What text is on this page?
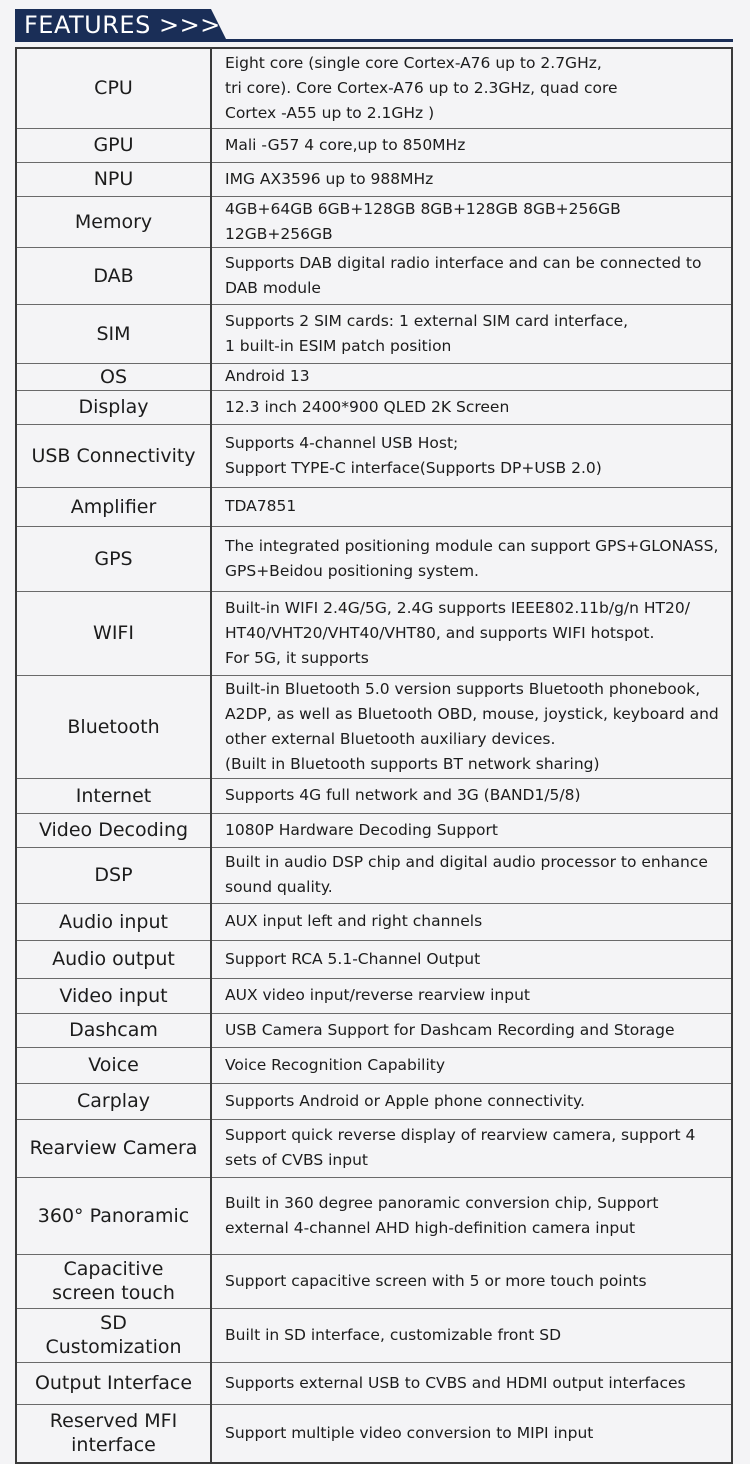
FEATURES >>>
CPU	Eight core (single core Cortex-A76 up to 2.7GHz,
tri core). Core Cortex-A76 up to 2.3GHz, quad core
Cortex -A55 up to 2.1GHz )
GPU	Mali -G57 4 core,up to 850MHz
NPU	IMG AX3596 up to 988MHz
Memory	4GB+64GB 6GB+128GB 8GB+128GB 8GB+256GB 12GB+256GB
DAB	Supports DAB digital radio interface and can be connected to
DAB module
SIM	Supports 2 SIM cards: 1 external SIM card interface,
1 built-in ESIM patch position
OS	Android 13
Display	12.3 inch 2400*900 QLED 2K Screen
USB Connectivity	Supports 4-channel USB Host;
Support TYPE-C interface(Supports DP+USB 2.0)
Amplifier	TDA7851
GPS	The integrated positioning module can support GPS+GLONASS,
GPS+Beidou positioning system.
WIFI	Built-in WIFI 2.4G/5G, 2.4G supports IEEE802.11b/g/n HT20/
HT40/VHT20/VHT40/VHT80, and supports WIFI hotspot.
For 5G, it supports
Bluetooth	Built-in Bluetooth 5.0 version supports Bluetooth phonebook,
A2DP, as well as Bluetooth OBD, mouse, joystick, keyboard and
other external Bluetooth auxiliary devices.
(Built in Bluetooth supports BT network sharing)
Internet	Supports 4G full network and 3G (BAND1/5/8)
Video Decoding	1080P Hardware Decoding Support
DSP	Built in audio DSP chip and digital audio processor to enhance
sound quality.
Audio input	AUX input left and right channels
Audio output	Support RCA 5.1-Channel Output
Video input	AUX video input/reverse rearview input
Dashcam	USB Camera Support for Dashcam Recording and Storage
Voice	Voice Recognition Capability
Carplay	Supports Android or Apple phone connectivity.
Rearview Camera	Support quick reverse display of rearview camera, support 4
sets of CVBS input
360° Panoramic	Built in 360 degree panoramic conversion chip, Support
external 4-channel AHD high-definition camera input
Capacitive
screen touch	Support capacitive screen with 5 or more touch points
SD
Customization	Built in SD interface, customizable front SD
Output Interface	Supports external USB to CVBS and HDMI output interfaces
Reserved MFI
interface	Support multiple video conversion to MIPI input
